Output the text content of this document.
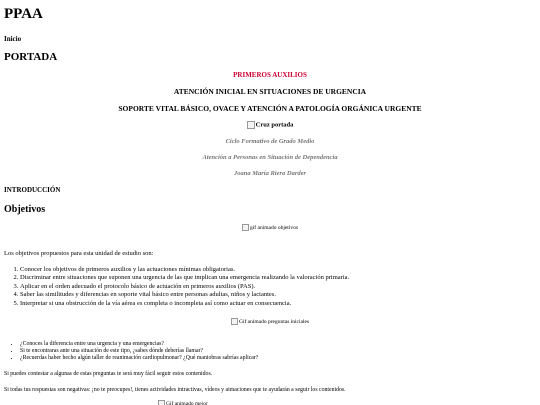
PPAA
Inicio
PORTADA
PRIMEROS AUXILIOS
ATENCIÓN INICIAL EN SITUACIONES DE URGENCIA
SOPORTE VITAL BÁSICO, OVACE Y ATENCIÓN A PATOLOGÍA ORGÁNICA URGENTE
Cruz portada
Ciclo Formativo de Grado Medio
Atención a Personas en Situación de Dependencia
Joana María Riera Darder
INTRODUCCIÓN
Objetivos
gif animado objetivos
Los objetivos propuestos para esta unidad de estudio son:
1. Conocer los objetivos de primeros auxilios y las actuaciones mínimas obligatorias.
2. Discriminar entre situaciones que suponen una urgencia de las que implican una emergencia realizando la valoración primaria.
3. Aplicar en el orden adecuado el protocolo básico de actuación en primeros auxilios (PAS).
4. Saber las similitudes y diferencias en soporte vital básico entre personas adultas, niños y lactantes.
5. Interpretar si una obstrucción de la vía aérea es completa o incompleta así como actuar en consecuencia.
Gif animado preguntas iniciales
• ¿Conoces la diferencia entre una urgencia y una emergencias?
• Si te encontraras ante una situación de este tipo, ¿sabes dónde deberías llamar?
• ¿Recuerdas haber hecho algún taller de reanimación cardiopulmonar? ¿Qué maniobras sabrías aplicar?
Si puedes contestar a algunas de estas preguntas te será muy fácil seguir estos contenidos.
Si todas tus respuestas son negativas: ¡no te preocupes!, tienes actividades intractivas, vídeos y aimaciones que te ayudarán a seguir los contenidos.
Gif animado mejor
